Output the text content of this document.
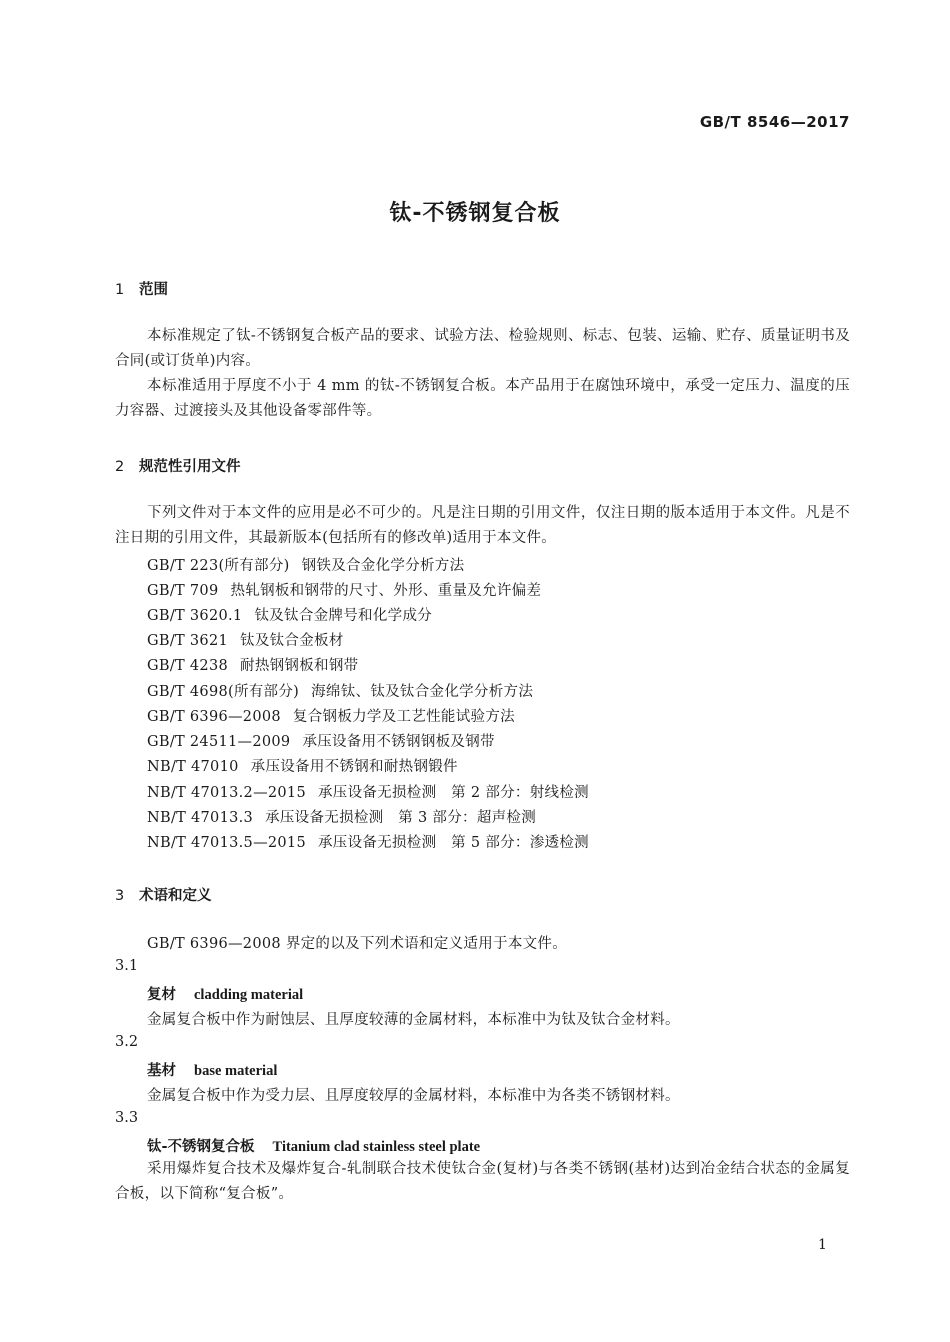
GB/T 8546—2017
钛-不锈钢复合板
1 范围
本标准规定了钛-不锈钢复合板产品的要求、试验方法、检验规则、标志、包装、运输、贮存、质量证明书及合同(或订货单)内容。
本标准适用于厚度不小于 4 mm 的钛-不锈钢复合板。本产品用于在腐蚀环境中，承受一定压力、温度的压力容器、过渡接头及其他设备零部件等。
2 规范性引用文件
下列文件对于本文件的应用是必不可少的。凡是注日期的引用文件，仅注日期的版本适用于本文件。凡是不注日期的引用文件，其最新版本(包括所有的修改单)适用于本文件。
GB/T 223(所有部分) 钢铁及合金化学分析方法
GB/T 709 热轧钢板和钢带的尺寸、外形、重量及允许偏差
GB/T 3620.1 钛及钛合金牌号和化学成分
GB/T 3621 钛及钛合金板材
GB/T 4238 耐热钢钢板和钢带
GB/T 4698(所有部分) 海绵钛、钛及钛合金化学分析方法
GB/T 6396—2008 复合钢板力学及工艺性能试验方法
GB/T 24511—2009 承压设备用不锈钢钢板及钢带
NB/T 47010 承压设备用不锈钢和耐热钢锻件
NB/T 47013.2—2015 承压设备无损检测　第 2 部分：射线检测
NB/T 47013.3 承压设备无损检测　第 3 部分：超声检测
NB/T 47013.5—2015 承压设备无损检测　第 5 部分：渗透检测
3 术语和定义
GB/T 6396—2008 界定的以及下列术语和定义适用于本文件。
3.1
复材 cladding material
金属复合板中作为耐蚀层、且厚度较薄的金属材料，本标准中为钛及钛合金材料。
3.2
基材 base material
金属复合板中作为受力层、且厚度较厚的金属材料，本标准中为各类不锈钢材料。
3.3
钛-不锈钢复合板 Titanium clad stainless steel plate
采用爆炸复合技术及爆炸复合-轧制联合技术使钛合金(复材)与各类不锈钢(基材)达到冶金结合状态的金属复合板，以下简称“复合板”。
1
